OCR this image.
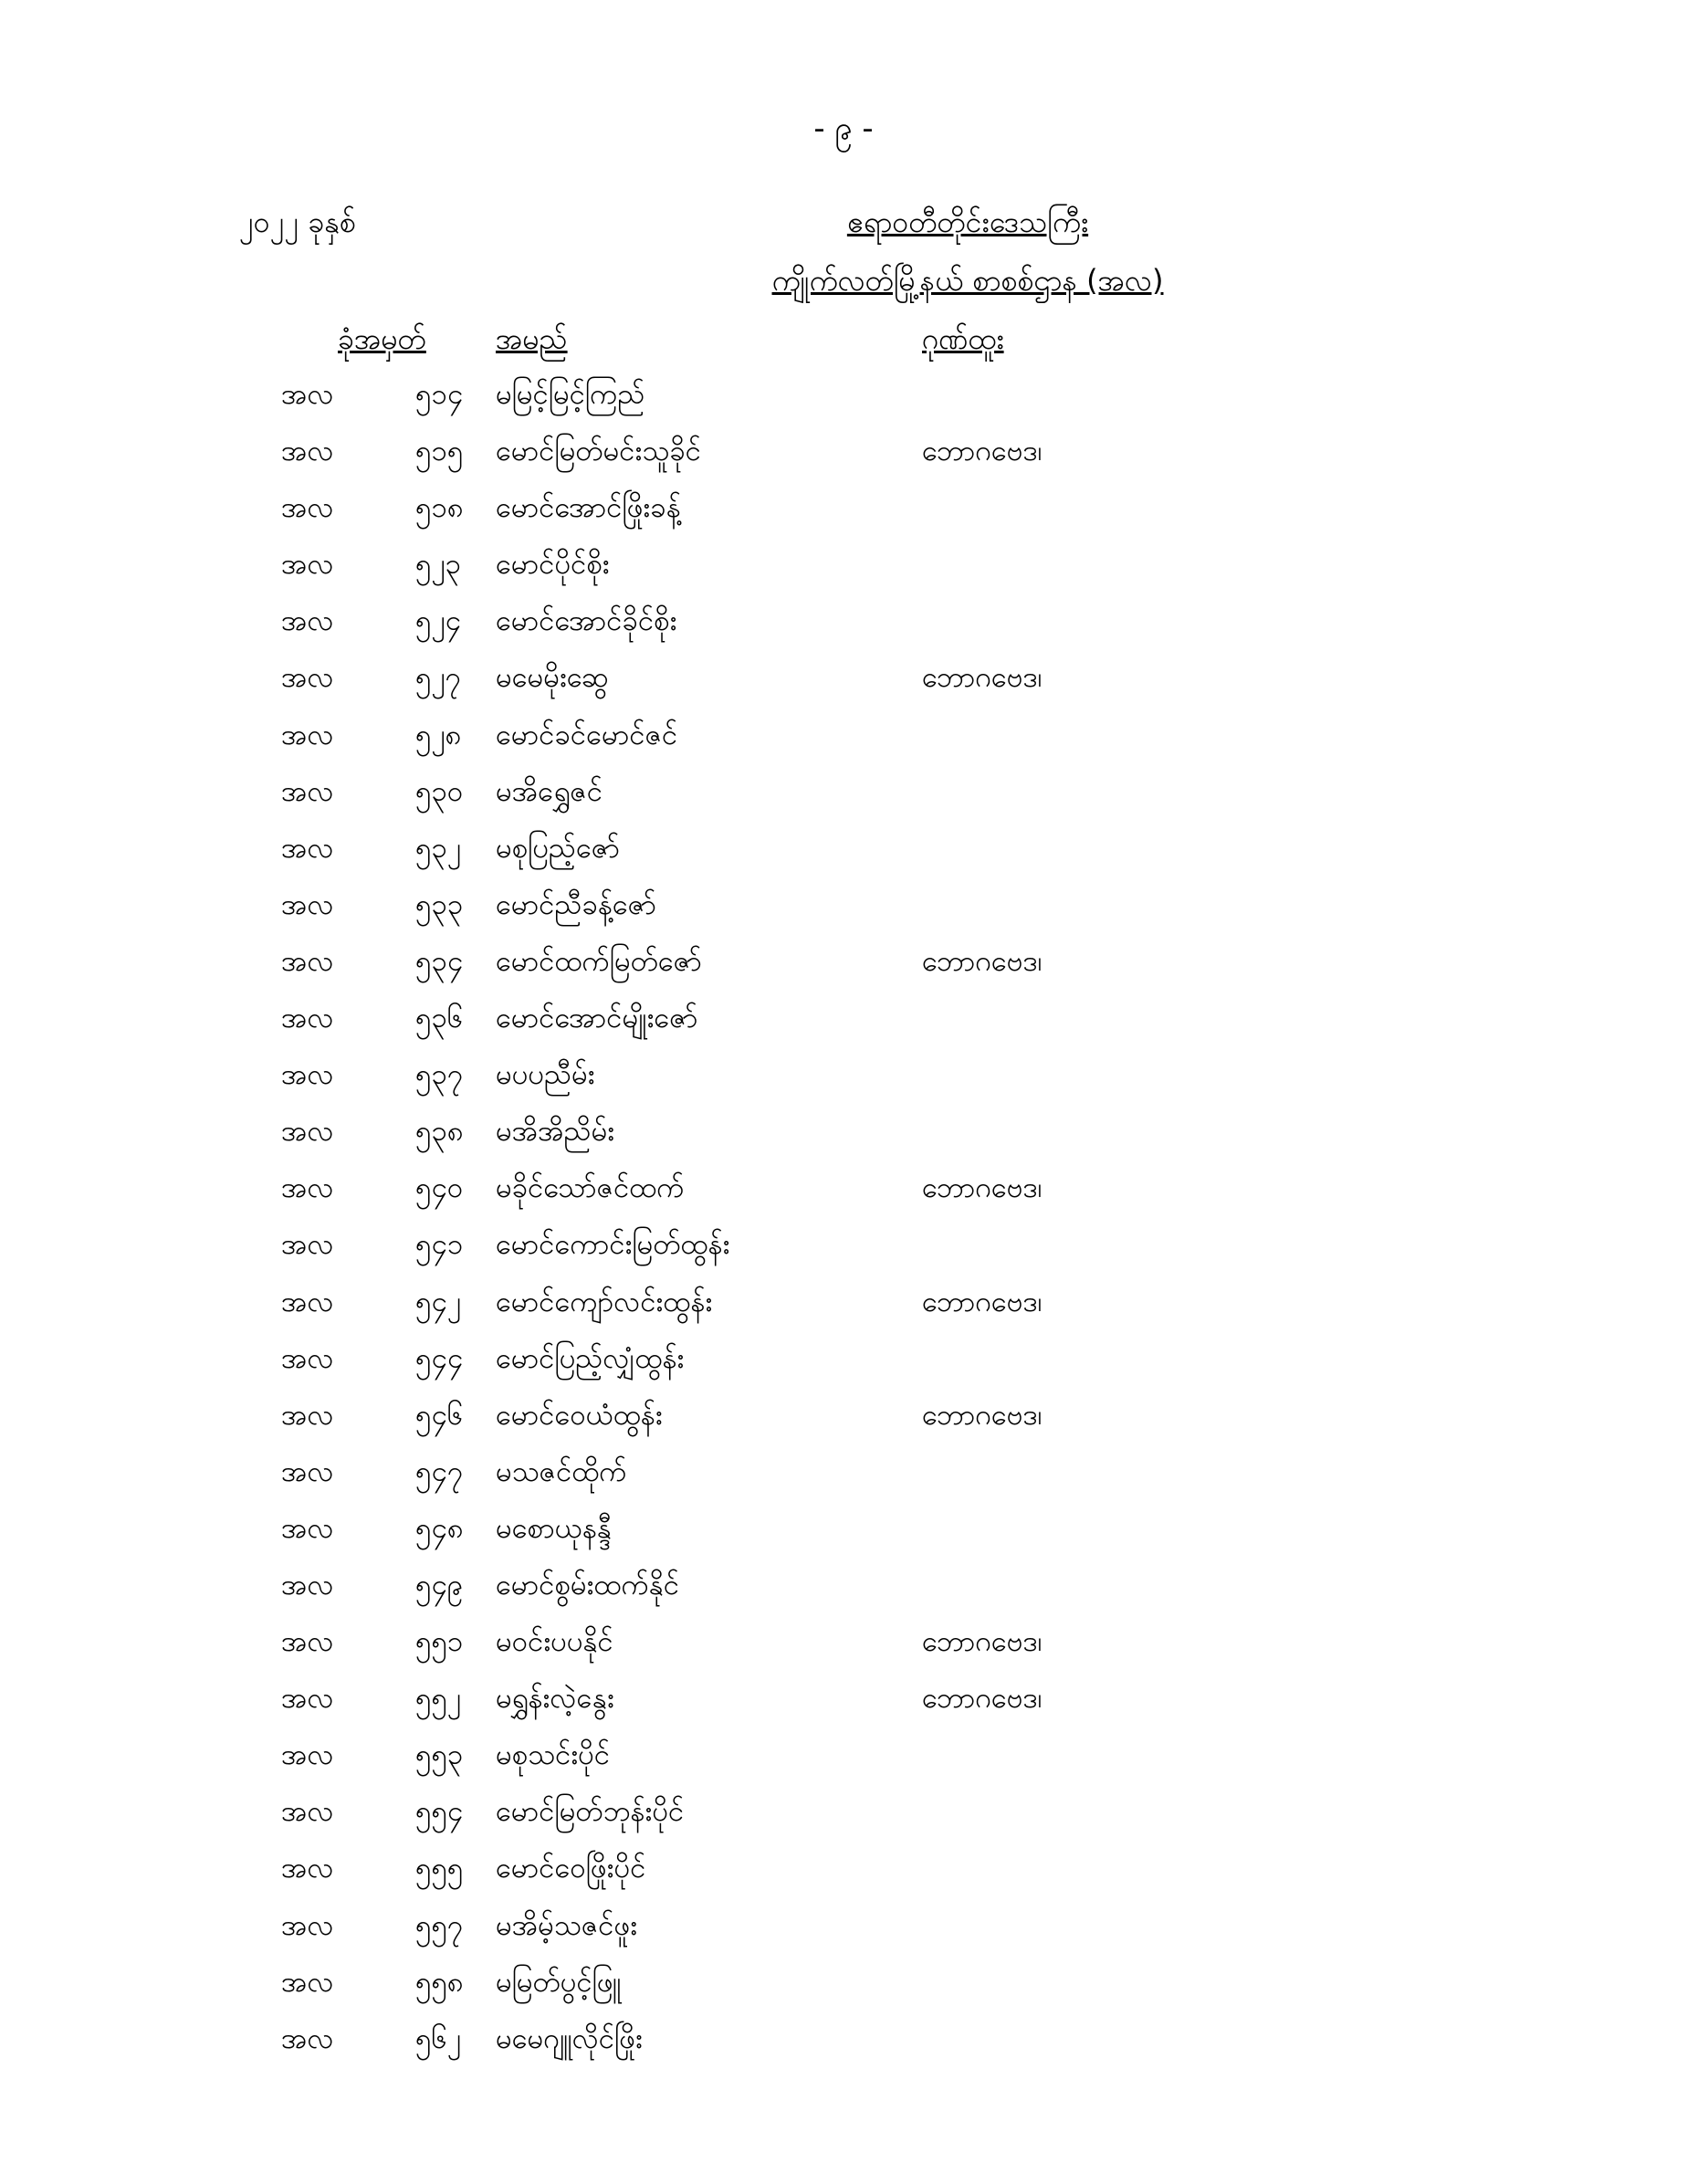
- ၉ -
၂၀၂၂ ခုနှစ်	ဧရာဝတီတိုင်းဒေသကြီး
ကျိုက်လတ်မြို့နယ် စာစစ်ဌာန (အလ)
ခုံအမှတ် အမည်	ဂုဏ်ထူး
အလ	၅၁၄ မမြင့်မြင့်ကြည်
အလ	၅၁၅ မောင်မြတ်မင်းသူခိုင်	ဘောဂဗေဒ၊
အလ	၅၁၈ မောင်အောင်ဖြိုးခန့်
အလ	၅၂၃ မောင်ပိုင်စိုး
အလ	၅၂၄ မောင်အောင်ခိုင်စိုး
အလ	၅၂၇ မမေမိုးဆွေ	ဘောဂဗေဒ၊
အလ	၅၂၈ မောင်ခင်မောင်ဇင်
အလ	၅၃၀ မအိရွှေဇင်
အလ	၅၃၂ မစုပြည့်ဇော်
အလ	၅၃၃ မောင်ညီခန့်ဇော်
အလ	၅၃၄ မောင်ထက်မြတ်ဇော်	ဘောဂဗေဒ၊
အလ	၅၃၆ မောင်အောင်မျိုးဇော်
အလ	၅၃၇ မပပညီမ်း
အလ	၅၃၈ မအိအိညိမ်း
အလ	၅၄၀ မခိုင်သော်ဇင်ထက်	ဘောဂဗေဒ၊
အလ	၅၄၁ မောင်ကောင်းမြတ်ထွန်း
အလ	၅၄၂ မောင်ကျော်လင်းထွန်း	ဘောဂဗေဒ၊
အလ	၅၄၄ မောင်ပြည့်လျှံထွန်း
အလ	၅၄၆ မောင်ဝေယံထွန်း	ဘောဂဗေဒ၊
အလ	၅၄၇ မသဇင်ထိုက်
အလ	၅၄၈ မစောယုနန္ဒီ
အလ	၅၄၉ မောင်စွမ်းထက်နိုင်
အလ	၅၅၁ မဝင်းပပနိုင်	ဘောဂဗေဒ၊
အလ	၅၅၂ မရွှန်းလဲ့နွေး	ဘောဂဗေဒ၊
အလ	၅၅၃ မစုသင်းပိုင်
အလ	၅၅၄ မောင်မြတ်ဘုန်းပိုင်
အလ	၅၅၅ မောင်ဝေဖြိုးပိုင်
အလ	၅၅၇ မအိမ့်သဇင်ဖူး
အလ	၅၅၈ မမြတ်ပွင့်ဖြူ
အလ	၅၆၂ မမေဂျူလိုင်ဖြိုး
